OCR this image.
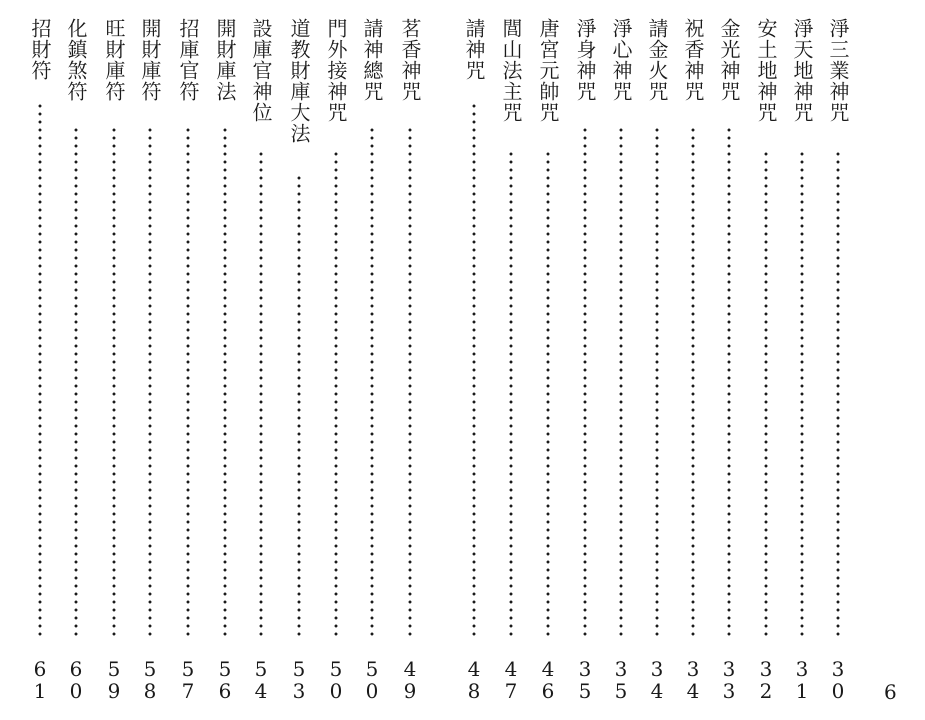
淨三業神咒
3
0
淨天地神咒
3
1
安土地神咒
3
2
金光神咒
3
3
祝香神咒
3
4
請金火咒
3
4
淨心神咒
3
5
淨身神咒
3
5
唐宮元帥咒
4
6
閭山法主咒
4
7
請神咒
4
8
茗香神咒
4
9
請神總咒
5
0
門外接神咒
5
0
道教財庫大法
5
3
設庫官神位
5
4
開財庫法
5
6
招庫官符
5
7
開財庫符
5
8
旺財庫符
5
9
化鎮煞符
6
0
招財符
6
1	6
